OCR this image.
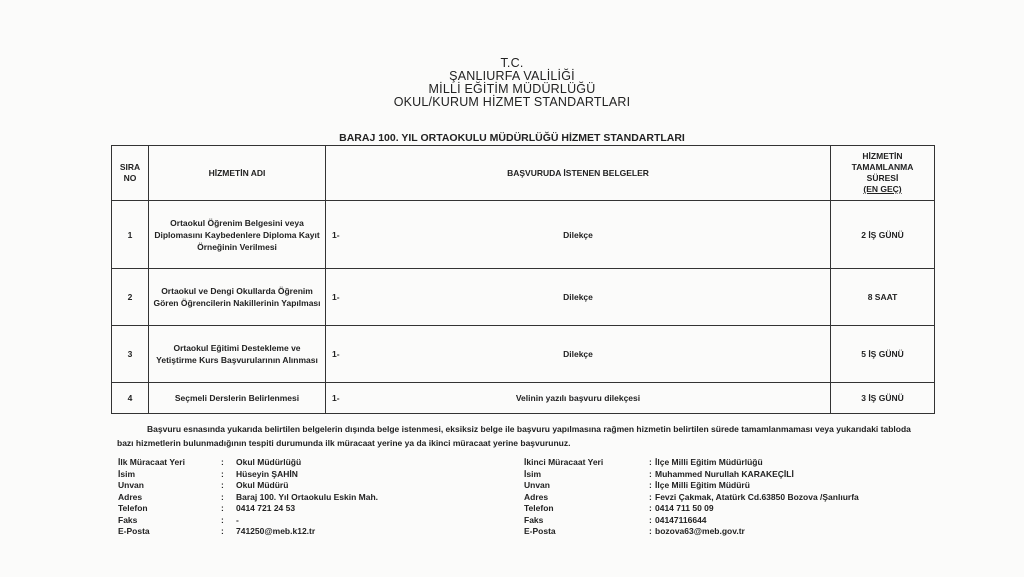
T.C.
ŞANLIURFA VALİLİĞİ
MİLLİ EĞİTİM MÜDÜRLÜĞÜ
OKUL/KURUM HİZMET STANDARTLARI
BARAJ 100. YIL ORTAOKULU MÜDÜRLÜĞÜ HİZMET STANDARTLARI
SIRA
NO	HİZMETİN ADI	BAŞVURUDA İSTENEN BELGELER	HİZMETİN
TAMAMLANMA
SÜRESİ
(EN GEÇ)
1	Ortaokul Öğrenim Belgesini veya Diplomasını Kaybedenlere Diploma Kayıt Örneğinin Verilmesi	1- Dilekçe	2 İŞ GÜNÜ
2	Ortaokul ve Dengi Okullarda Öğrenim Gören Öğrencilerin Nakillerinin Yapılması	1- Dilekçe	8 SAAT
3	Ortaokul Eğitimi Destekleme ve Yetiştirme Kurs Başvurularının Alınması	1- Dilekçe	5 İŞ GÜNÜ
4	Seçmeli Derslerin Belirlenmesi	1- Velinin yazılı başvuru dilekçesi	3 İŞ GÜNÜ
Başvuru esnasında yukarıda belirtilen belgelerin dışında belge istenmesi, eksiksiz belge ile başvuru yapılmasına rağmen hizmetin belirtilen sürede tamamlanmaması veya yukarıdaki tabloda bazı hizmetlerin bulunmadığının tespiti durumunda ilk müracaat yerine ya da ikinci müracaat yerine başvurunuz.
İlk Müracaat Yeri	:	Okul Müdürlüğü
İsim	:	Hüseyin ŞAHİN
Unvan	:	Okul Müdürü
Adres	:	Baraj 100. Yıl Ortaokulu Eskin Mah.
Telefon	:	0414 721 24 53
Faks	:	-
E-Posta	:	741250@meb.k12.tr
İkinci Müracaat Yeri	: İlçe Milli Eğitim Müdürlüğü
İsim	: Muhammed Nurullah KARAKEÇİLİ
Unvan	: İlçe Milli Eğitim Müdürü
Adres	: Fevzi Çakmak, Atatürk Cd.63850 Bozova /Şanlıurfa
Telefon	: 0414 711 50 09
Faks	: 04147116644
E-Posta	: bozova63@meb.gov.tr
